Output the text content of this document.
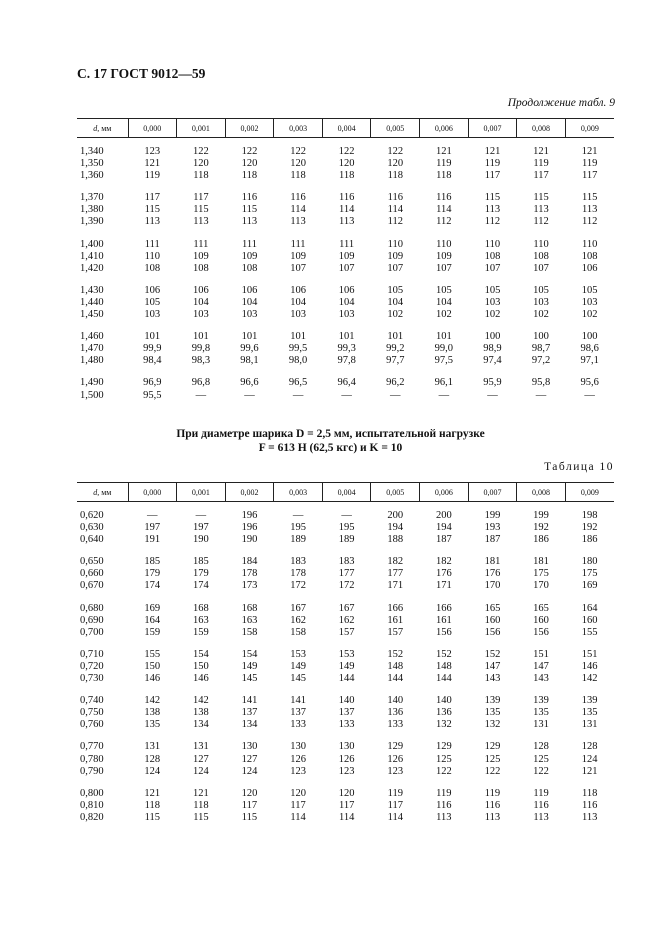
С. 17 ГОСТ 9012—59
Продолжение табл. 9
d, мм	0,000	0,001	0,002	0,003	0,004	0,005	0,006	0,007	0,008	0,009
1,340	123	122	122	122	122	122	121	121	121	121
1,350	121	120	120	120	120	120	119	119	119	119
1,360	119	118	118	118	118	118	118	117	117	117
1,370	117	117	116	116	116	116	116	115	115	115
1,380	115	115	115	114	114	114	114	113	113	113
1,390	113	113	113	113	113	112	112	112	112	112
1,400	111	111	111	111	111	110	110	110	110	110
1,410	110	109	109	109	109	109	109	108	108	108
1,420	108	108	108	107	107	107	107	107	107	106
1,430	106	106	106	106	106	105	105	105	105	105
1,440	105	104	104	104	104	104	104	103	103	103
1,450	103	103	103	103	103	102	102	102	102	102
1,460	101	101	101	101	101	101	101	100	100	100
1,470	99,9	99,8	99,6	99,5	99,3	99,2	99,0	98,9	98,7	98,6
1,480	98,4	98,3	98,1	98,0	97,8	97,7	97,5	97,4	97,2	97,1
1,490	96,9	96,8	96,6	96,5	96,4	96,2	96,1	95,9	95,8	95,6
1,500	95,5	—	—	—	—	—	—	—	—	—
При диаметре шарика D = 2,5 мм, испытательной нагрузке
F = 613 Н (62,5 кгс) и K = 10
Таблица 10
d, мм	0,000	0,001	0,002	0,003	0,004	0,005	0,006	0,007	0,008	0,009
0,620	—	—	196	—	—	200	200	199	199	198
0,630	197	197	196	195	195	194	194	193	192	192
0,640	191	190	190	189	189	188	187	187	186	186
0,650	185	185	184	183	183	182	182	181	181	180
0,660	179	179	178	178	177	177	176	176	175	175
0,670	174	174	173	172	172	171	171	170	170	169
0,680	169	168	168	167	167	166	166	165	165	164
0,690	164	163	163	162	162	161	161	160	160	160
0,700	159	159	158	158	157	157	156	156	156	155
0,710	155	154	154	153	153	152	152	152	151	151
0,720	150	150	149	149	149	148	148	147	147	146
0,730	146	146	145	145	144	144	144	143	143	142
0,740	142	142	141	141	140	140	140	139	139	139
0,750	138	138	137	137	137	136	136	135	135	135
0,760	135	134	134	133	133	133	132	132	131	131
0,770	131	131	130	130	130	129	129	129	128	128
0,780	128	127	127	126	126	126	125	125	125	124
0,790	124	124	124	123	123	123	122	122	122	121
0,800	121	121	120	120	120	119	119	119	119	118
0,810	118	118	117	117	117	117	116	116	116	116
0,820	115	115	115	114	114	114	113	113	113	113
